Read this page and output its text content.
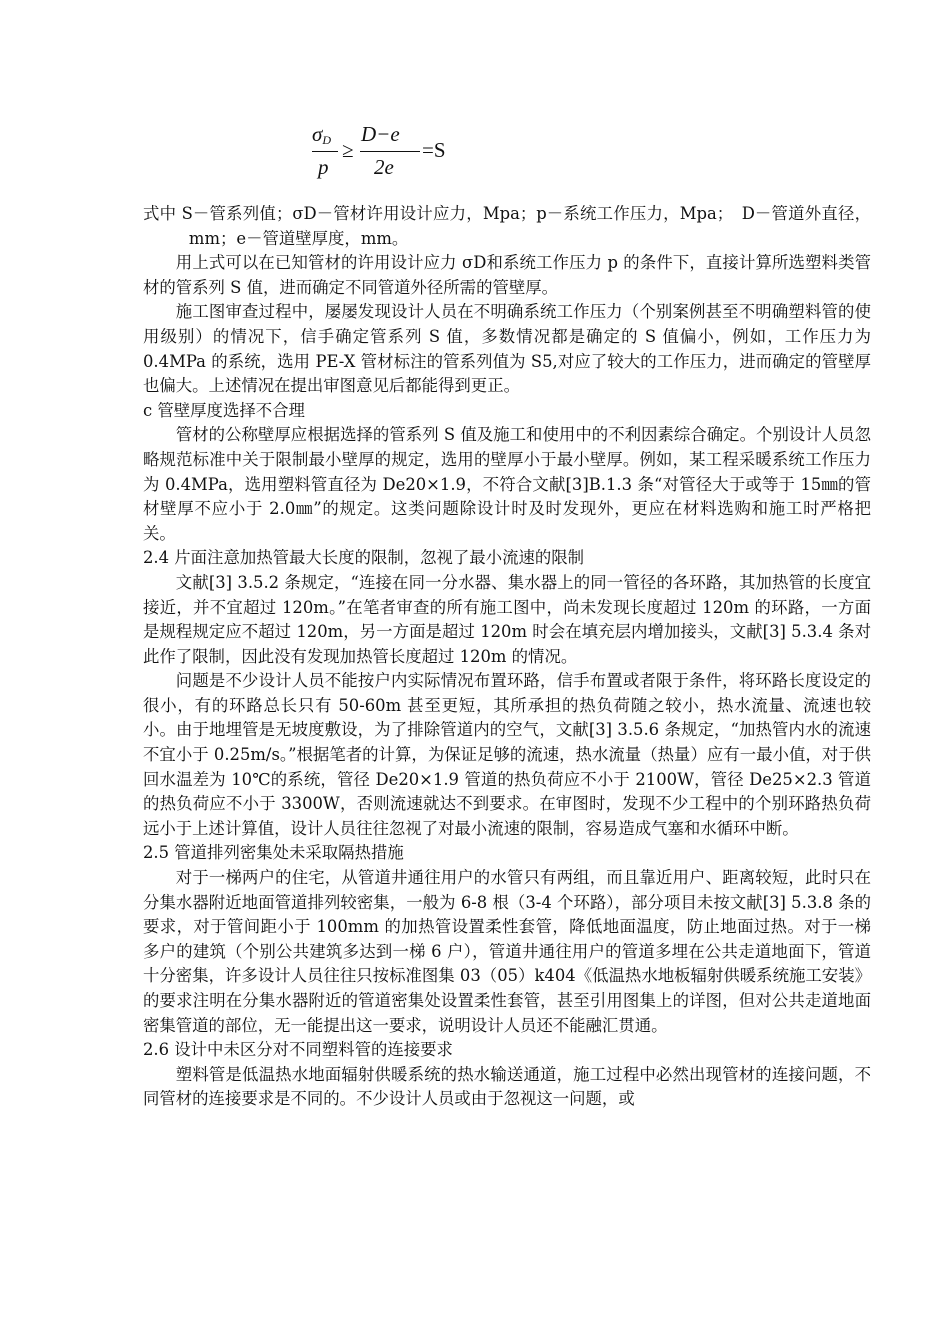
σD
p
≥
D−e
2e
=S

式中 S－管系列值；σD－管材许用设计应力，Mpa；p－系统工作压力，Mpa；　D－管道外直径，mm；e－管道壁厚度，mm。

用上式可以在已知管材的许用设计应力 σD和系统工作压力 p 的条件下，直接计算所选塑料类管材的管系列 S 值，进而确定不同管道外径所需的管壁厚。

施工图审查过程中，屡屡发现设计人员在不明确系统工作压力（个别案例甚至不明确塑料管的使用级别）的情况下，信手确定管系列 S 值，多数情况都是确定的 S 值偏小，例如，工作压力为 0.4MPa 的系统，选用 PE-X 管材标注的管系列值为 S5,对应了较大的工作压力，进而确定的管壁厚也偏大。上述情况在提出审图意见后都能得到更正。

c 管壁厚度选择不合理

管材的公称壁厚应根据选择的管系列 S 值及施工和使用中的不利因素综合确定。个别设计人员忽略规范标准中关于限制最小壁厚的规定，选用的壁厚小于最小壁厚。例如，某工程采暖系统工作压力为 0.4MPa，选用塑料管直径为 De20×1.9，不符合文献[3]B.1.3 条“对管径大于或等于 15㎜的管材壁厚不应小于 2.0㎜”的规定。这类问题除设计时及时发现外，更应在材料选购和施工时严格把关。

2.4 片面注意加热管最大长度的限制，忽视了最小流速的限制

文献[3] 3.5.2 条规定，“连接在同一分水器、集水器上的同一管径的各环路，其加热管的长度宜接近，并不宜超过 120m。”在笔者审查的所有施工图中，尚未发现长度超过 120m 的环路，一方面是规程规定应不超过 120m，另一方面是超过 120m 时会在填充层内增加接头，文献[3] 5.3.4 条对此作了限制，因此没有发现加热管长度超过 120m 的情况。

问题是不少设计人员不能按户内实际情况布置环路，信手布置或者限于条件，将环路长度设定的很小，有的环路总长只有 50-60m 甚至更短，其所承担的热负荷随之较小，热水流量、流速也较小。由于地埋管是无坡度敷设，为了排除管道内的空气，文献[3] 3.5.6 条规定，“加热管内水的流速不宜小于 0.25m/s。”根据笔者的计算，为保证足够的流速，热水流量（热量）应有一最小值，对于供回水温差为 10℃的系统，管径 De20×1.9 管道的热负荷应不小于 2100W，管径 De25×2.3 管道的热负荷应不小于 3300W，否则流速就达不到要求。在审图时，发现不少工程中的个别环路热负荷远小于上述计算值，设计人员往往忽视了对最小流速的限制，容易造成气塞和水循环中断。

2.5 管道排列密集处未采取隔热措施

对于一梯两户的住宅，从管道井通往用户的水管只有两组，而且靠近用户、距离较短，此时只在分集水器附近地面管道排列较密集，一般为 6-8 根（3-4 个环路），部分项目未按文献[3] 5.3.8 条的要求，对于管间距小于 100mm 的加热管设置柔性套管，降低地面温度，防止地面过热。对于一梯多户的建筑（个别公共建筑多达到一梯 6 户），管道井通往用户的管道多埋在公共走道地面下，管道十分密集，许多设计人员往往只按标准图集 03（05）k404《低温热水地板辐射供暖系统施工安装》的要求注明在分集水器附近的管道密集处设置柔性套管，甚至引用图集上的详图，但对公共走道地面密集管道的部位，无一能提出这一要求，说明设计人员还不能融汇贯通。

2.6 设计中未区分对不同塑料管的连接要求

塑料管是低温热水地面辐射供暖系统的热水输送通道，施工过程中必然出现管材的连接问题，不同管材的连接要求是不同的。不少设计人员或由于忽视这一问题，或
